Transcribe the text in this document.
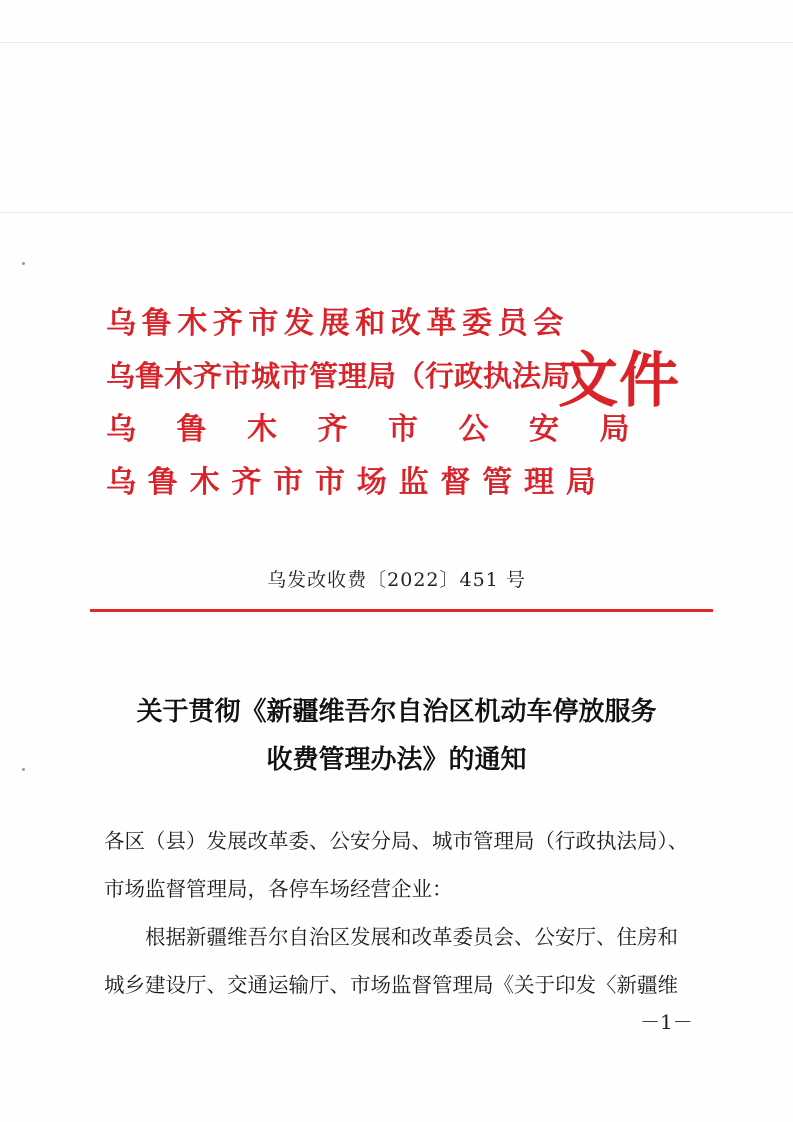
乌鲁木齐市发展和改革委员会
乌鲁木齐市城市管理局（行政执法局）
乌鲁木齐市公安局
乌鲁木齐市市场监督管理局
文件
乌发改收费〔2022〕451 号
关于贯彻《新疆维吾尔自治区机动车停放服务
收费管理办法》的通知
各区（县）发展改革委、公安分局、城市管理局（行政执法局）、
市场监督管理局，各停车场经营企业：
根据新疆维吾尔自治区发展和改革委员会、公安厅、住房和
城乡建设厅、交通运输厅、市场监督管理局《关于印发〈新疆维
－1－
